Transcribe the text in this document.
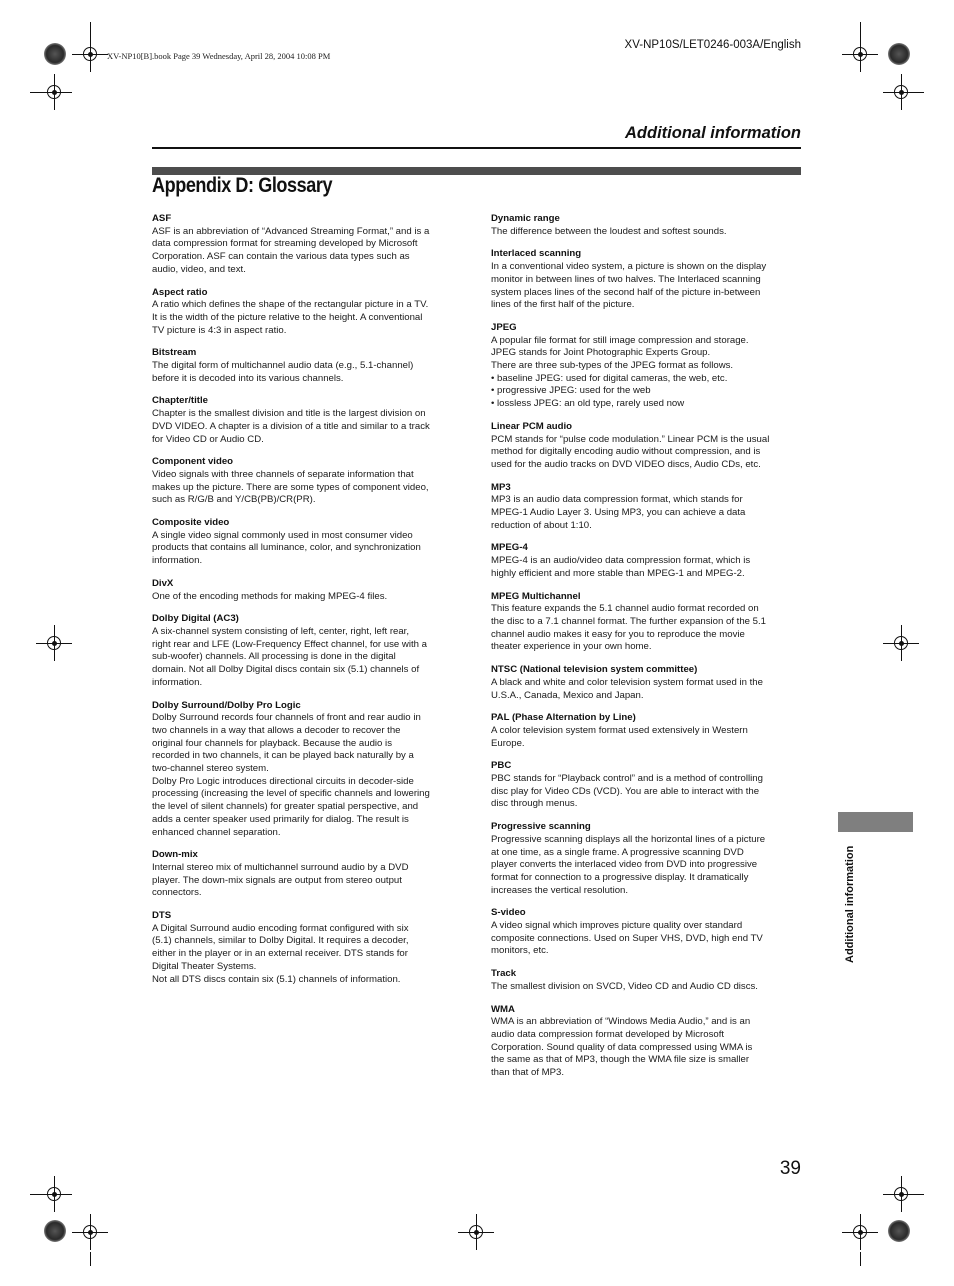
XV-NP10[B].book Page 39 Wednesday, April 28, 2004 10:08 PM
XV-NP10S/LET0246-003A/English
Additional information
Appendix D: Glossary
ASF
ASF is an abbreviation of “Advanced Streaming Format,” and is a
data compression format for streaming developed by Microsoft
Corporation. ASF can contain the various data types such as
audio, video, and text.
Aspect ratio
A ratio which defines the shape of the rectangular picture in a TV.
It is the width of the picture relative to the height. A conventional
TV picture is 4:3 in aspect ratio.
Bitstream
The digital form of multichannel audio data (e.g., 5.1-channel)
before it is decoded into its various channels.
Chapter/title
Chapter is the smallest division and title is the largest division on
DVD VIDEO. A chapter is a division of a title and similar to a track
for Video CD or Audio CD.
Component video
Video signals with three channels of separate information that
makes up the picture. There are some types of component video,
such as R/G/B and Y/CB(PB)/CR(PR).
Composite video
A single video signal commonly used in most consumer video
products that contains all luminance, color, and synchronization
information.
DivX
One of the encoding methods for making MPEG-4 files.
Dolby Digital (AC3)
A six-channel system consisting of left, center, right, left rear,
right rear and LFE (Low-Frequency Effect channel, for use with a
sub-woofer) channels. All processing is done in the digital
domain. Not all Dolby Digital discs contain six (5.1) channels of
information.
Dolby Surround/Dolby Pro Logic
Dolby Surround records four channels of front and rear audio in
two channels in a way that allows a decoder to recover the
original four channels for playback. Because the audio is
recorded in two channels, it can be played back naturally by a
two-channel stereo system.
Dolby Pro Logic introduces directional circuits in decoder-side
processing (increasing the level of specific channels and lowering
the level of silent channels) for greater spatial perspective, and
adds a center speaker used primarily for dialog. The result is
enhanced channel separation.
Down-mix
Internal stereo mix of multichannel surround audio by a DVD
player. The down-mix signals are output from stereo output
connectors.
DTS
A Digital Surround audio encoding format configured with six
(5.1) channels, similar to Dolby Digital. It requires a decoder,
either in the player or in an external receiver. DTS stands for
Digital Theater Systems.
Not all DTS discs contain six (5.1) channels of information.
Dynamic range
The difference between the loudest and softest sounds.
Interlaced scanning
In a conventional video system, a picture is shown on the display
monitor in between lines of two halves. The Interlaced scanning
system places lines of the second half of the picture in-between
lines of the first half of the picture.
JPEG
A popular file format for still image compression and storage.
JPEG stands for Joint Photographic Experts Group.
There are three sub-types of the JPEG format as follows.
• baseline JPEG: used for digital cameras, the web, etc.
• progressive JPEG: used for the web
• lossless JPEG: an old type, rarely used now
Linear PCM audio
PCM stands for “pulse code modulation.” Linear PCM is the usual
method for digitally encoding audio without compression, and is
used for the audio tracks on DVD VIDEO discs, Audio CDs, etc.
MP3
MP3 is an audio data compression format, which stands for
MPEG-1 Audio Layer 3. Using MP3, you can achieve a data
reduction of about 1:10.
MPEG-4
MPEG-4 is an audio/video data compression format, which is
highly efficient and more stable than MPEG-1 and MPEG-2.
MPEG Multichannel
This feature expands the 5.1 channel audio format recorded on
the disc to a 7.1 channel format. The further expansion of the 5.1
channel audio makes it easy for you to reproduce the movie
theater experience in your own home.
NTSC (National television system committee)
A black and white and color television system format used in the
U.S.A., Canada, Mexico and Japan.
PAL (Phase Alternation by Line)
A color television system format used extensively in Western
Europe.
PBC
PBC stands for “Playback control” and is a method of controlling
disc play for Video CDs (VCD). You are able to interact with the
disc through menus.
Progressive scanning
Progressive scanning displays all the horizontal lines of a picture
at one time, as a single frame. A progressive scanning DVD
player converts the interlaced video from DVD into progressive
format for connection to a progressive display. It dramatically
increases the vertical resolution.
S-video
A video signal which improves picture quality over standard
composite connections. Used on Super VHS, DVD, high end TV
monitors, etc.
Track
The smallest division on SVCD, Video CD and Audio CD discs.
WMA
WMA is an abbreviation of “Windows Media Audio,” and is an
audio data compression format developed by Microsoft
Corporation. Sound quality of data compressed using WMA is
the same as that of MP3, though the WMA file size is smaller
than that of MP3.
Additional information
39
